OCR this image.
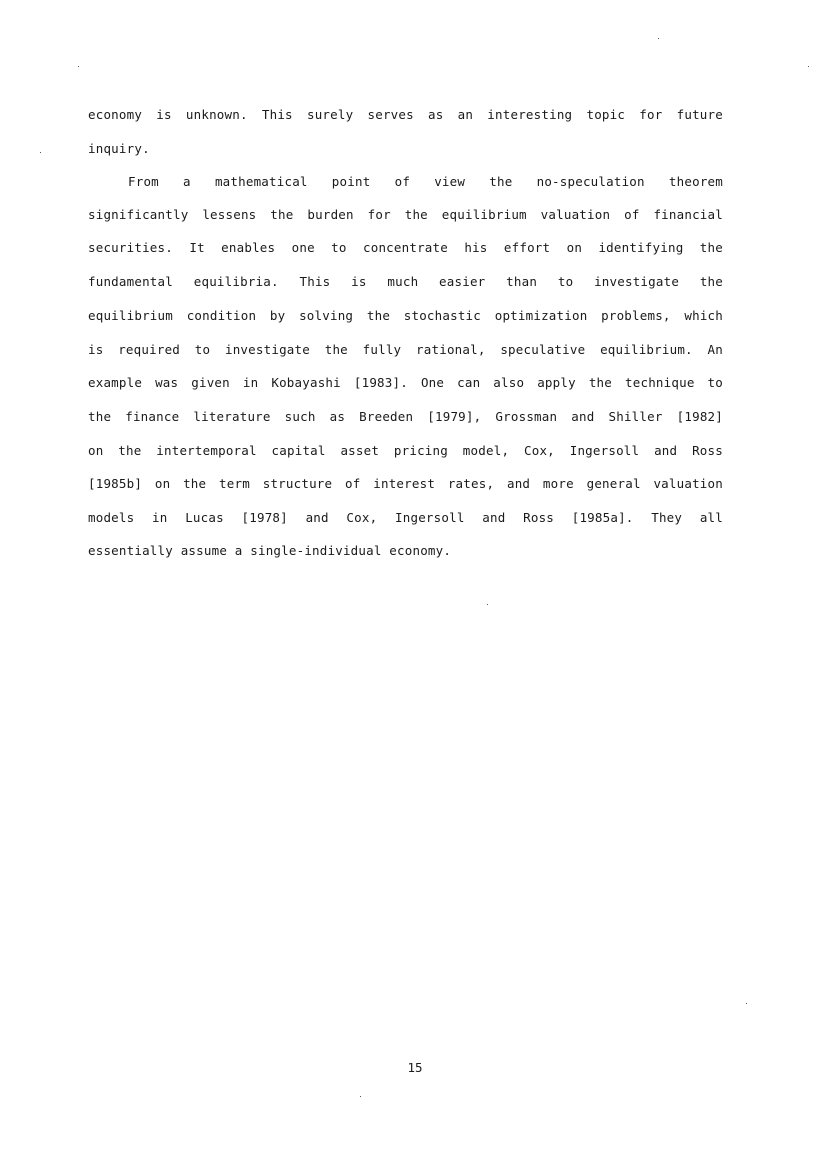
economy is unknown. This surely serves as an interesting topic for future
inquiry.
From a mathematical point of view the no-speculation theorem
significantly lessens the burden for the equilibrium valuation of financial
securities. It enables one to concentrate his effort on identifying the
fundamental equilibria. This is much easier than to investigate the
equilibrium condition by solving the stochastic optimization problems, which
is required to investigate the fully rational, speculative equilibrium. An
example was given in Kobayashi [1983]. One can also apply the technique to
the finance literature such as Breeden [1979], Grossman and Shiller [1982]
on the intertemporal capital asset pricing model, Cox, Ingersoll and Ross
[1985b] on the term structure of interest rates, and more general valuation
models in Lucas [1978] and Cox, Ingersoll and Ross [1985a]. They all
essentially assume a single-individual economy.
15
